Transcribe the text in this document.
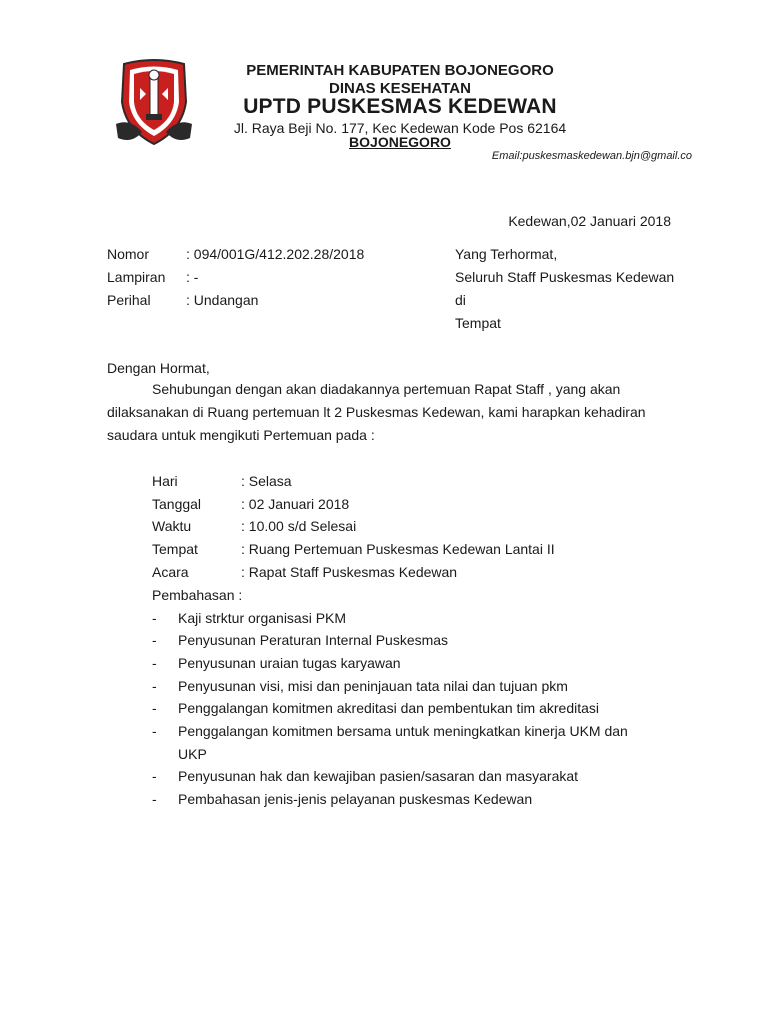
PEMERINTAH KABUPATEN BOJONEGORO
DINAS KESEHATAN
UPTD PUSKESMAS KEDEWAN
Jl. Raya Beji No. 177, Kec Kedewan Kode Pos 62164
BOJONEGORO
Email:puskesmaskedewan.bjn@gmail.co
Kedewan,02 Januari 2018
Nomor	: 094/001G/412.202.28/2018
Lampiran : -
Perihal	: Undangan
Yang Terhormat,
Seluruh Staff Puskesmas Kedewan
di
Tempat
Dengan Hormat,
Sehubungan dengan akan diadakannya pertemuan Rapat Staff , yang akan
dilaksanakan di Ruang pertemuan lt 2 Puskesmas Kedewan, kami harapkan kehadiran
saudara untuk mengikuti Pertemuan pada :
Hari	: Selasa
Tanggal	: 02 Januari 2018
Waktu	: 10.00 s/d Selesai
Tempat	: Ruang Pertemuan Puskesmas Kedewan Lantai II
Acara	: Rapat Staff Puskesmas Kedewan
Pembahasan :
- Kaji strktur organisasi PKM
- Penyusunan Peraturan Internal Puskesmas
- Penyusunan uraian tugas karyawan
- Penyusunan visi, misi dan peninjauan tata nilai dan tujuan pkm
- Penggalangan komitmen akreditasi dan pembentukan tim akreditasi
- Penggalangan komitmen bersama untuk meningkatkan kinerja UKM dan
UKP
- Penyusunan hak dan kewajiban pasien/sasaran dan masyarakat
- Pembahasan jenis-jenis pelayanan puskesmas Kedewan
